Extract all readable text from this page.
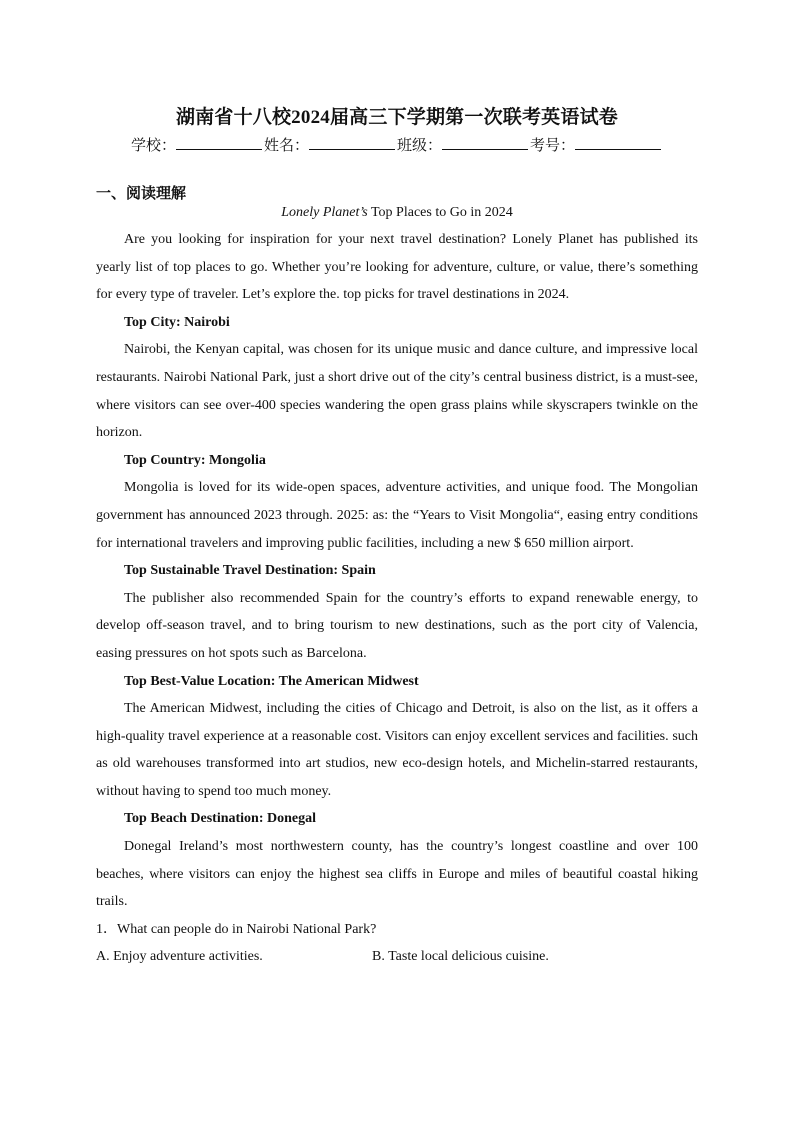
湖南省十八校2024届高三下学期第一次联考英语试卷
学校：	姓名：	班级：	考号：
一、阅读理解
Lonely Planet’s Top Places to Go in 2024

Are you looking for inspiration for your next travel destination? Lonely Planet has published its yearly list of top places to go. Whether you’re looking for adventure, culture, or value, there’s something for every type of traveler. Let’s explore the. top picks for travel destinations in 2024.

Top City: Nairobi

Nairobi, the Kenyan capital, was chosen for its unique music and dance culture, and impressive local restaurants. Nairobi National Park, just a short drive out of the city’s central business district, is a must-see, where visitors can see over-400 species wandering the open grass plains while skyscrapers twinkle on the horizon.

Top Country: Mongolia

Mongolia is loved for its wide-open spaces, adventure activities, and unique food. The Mongolian government has announced 2023 through. 2025: as: the “Years to Visit Mongolia“, easing entry conditions for international travelers and improving public facilities, including a new $ 650 million airport.

Top Sustainable Travel Destination: Spain

The publisher also recommended Spain for the country’s efforts to expand renewable energy, to develop off-season travel, and to bring tourism to new destinations, such as the port city of Valencia, easing pressures on hot spots such as Barcelona.

Top Best-Value Location: The American Midwest

The American Midwest, including the cities of Chicago and Detroit, is also on the list, as it offers a high-quality travel experience at a reasonable cost. Visitors can enjoy excellent services and facilities. such as old warehouses transformed into art studios, new eco-design hotels, and Michelin-starred restaurants, without having to spend too much money.

Top Beach Destination: Donegal

Donegal Ireland’s most northwestern county, has the country’s longest coastline and over 100 beaches, where visitors can enjoy the highest sea cliffs in Europe and miles of beautiful coastal hiking trails.

1．What can people do in Nairobi National Park?

A. Enjoy adventure activities.	B. Taste local delicious cuisine.
